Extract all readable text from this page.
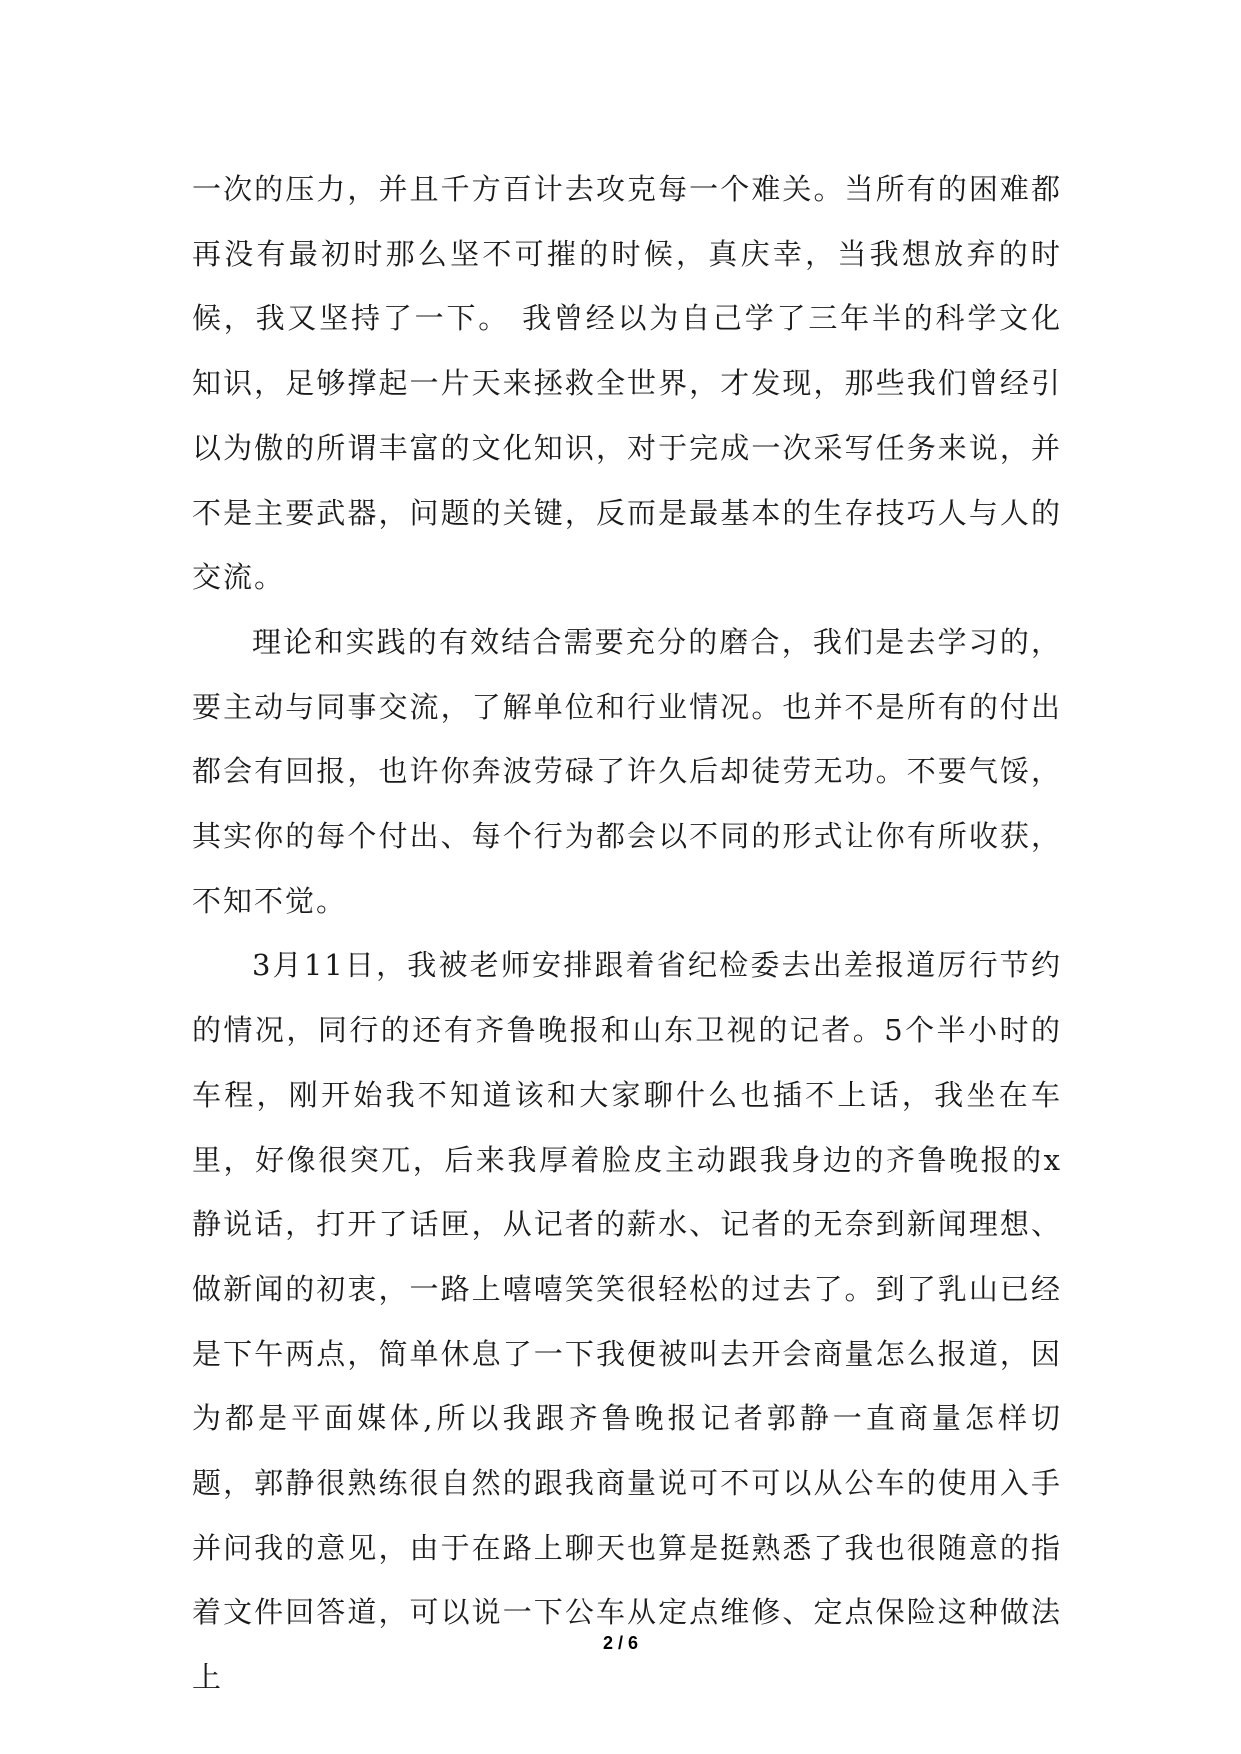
一次的压力，并且千方百计去攻克每一个难关。当所有的困难都再没有最初时那么坚不可摧的时候，真庆幸，当我想放弃的时候，我又坚持了一下。 我曾经以为自己学了三年半的科学文化知识，足够撑起一片天来拯救全世界，才发现，那些我们曾经引以为傲的所谓丰富的文化知识，对于完成一次采写任务来说，并不是主要武器，问题的关键，反而是最基本的生存技巧人与人的交流。

理论和实践的有效结合需要充分的磨合，我们是去学习的，要主动与同事交流，了解单位和行业情况。也并不是所有的付出都会有回报，也许你奔波劳碌了许久后却徒劳无功。不要气馁，其实你的每个付出、每个行为都会以不同的形式让你有所收获，不知不觉。

3月11日，我被老师安排跟着省纪检委去出差报道厉行节约的情况，同行的还有齐鲁晚报和山东卫视的记者。5个半小时的车程，刚开始我不知道该和大家聊什么也插不上话，我坐在车里，好像很突兀，后来我厚着脸皮主动跟我身边的齐鲁晚报的x静说话，打开了话匣，从记者的薪水、记者的无奈到新闻理想、做新闻的初衷，一路上嘻嘻笑笑很轻松的过去了。到了乳山已经是下午两点，简单休息了一下我便被叫去开会商量怎么报道，因为都是平面媒体,所以我跟齐鲁晚报记者郭静一直商量怎样切题，郭静很熟练很自然的跟我商量说可不可以从公车的使用入手并问我的意见，由于在路上聊天也算是挺熟悉了我也很随意的指着文件回答道，可以说一下公车从定点维修、定点保险这种做法上

2 / 6
